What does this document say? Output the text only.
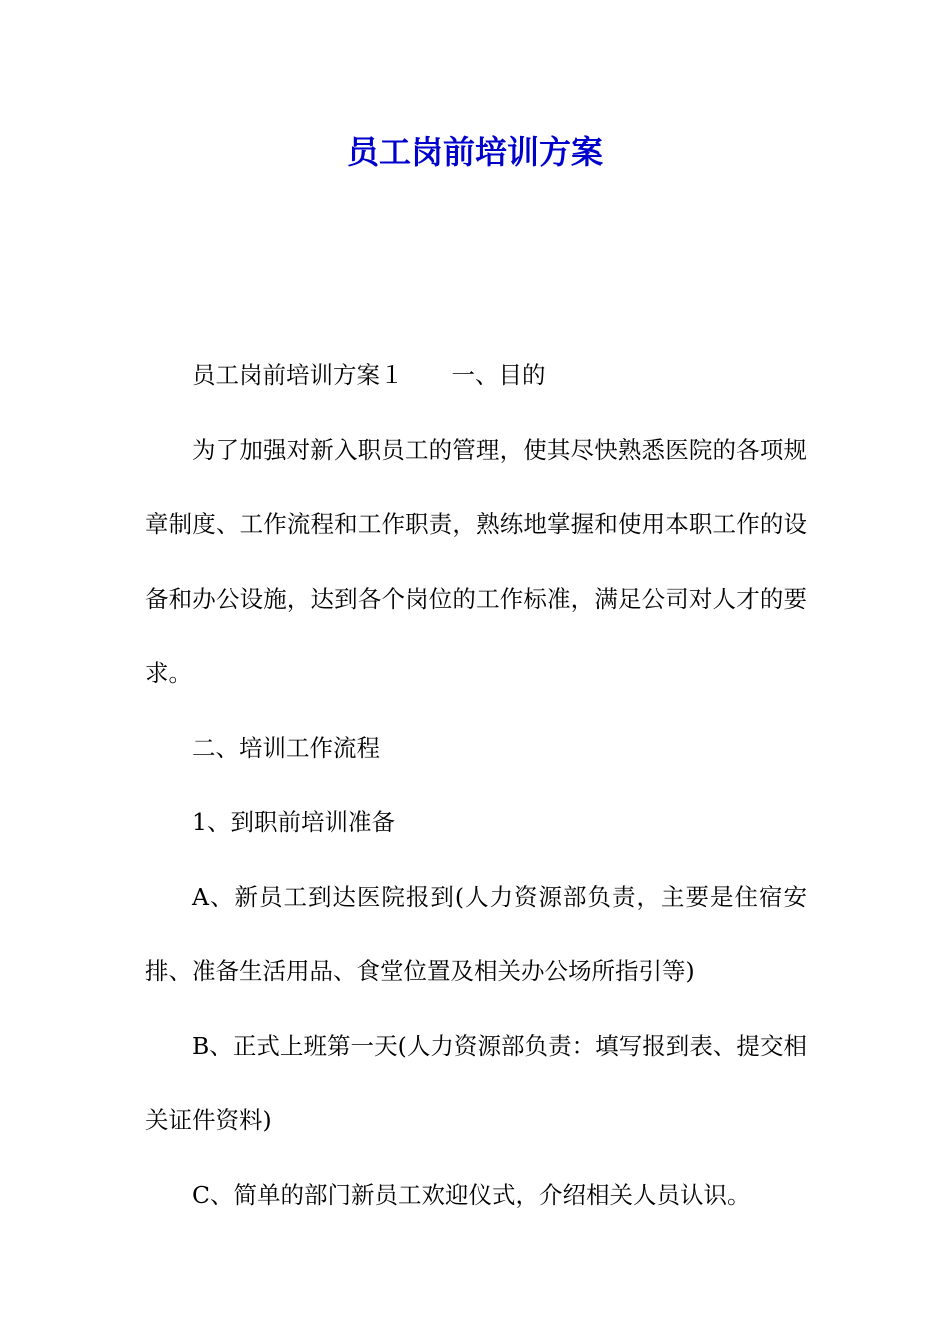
员工岗前培训方案

员工岗前培训方案１ 一、目的

为了加强对新入职员工的管理，使其尽快熟悉医院的各项规章制度、工作流程和工作职责，熟练地掌握和使用本职工作的设备和办公设施，达到各个岗位的工作标准，满足公司对人才的要求。

二、培训工作流程

1、到职前培训准备

A、新员工到达医院报到(人力资源部负责，主要是住宿安排、准备生活用品、食堂位置及相关办公场所指引等)

B、正式上班第一天(人力资源部负责：填写报到表、提交相关证件资料)

C、简单的部门新员工欢迎仪式，介绍相关人员认识。
